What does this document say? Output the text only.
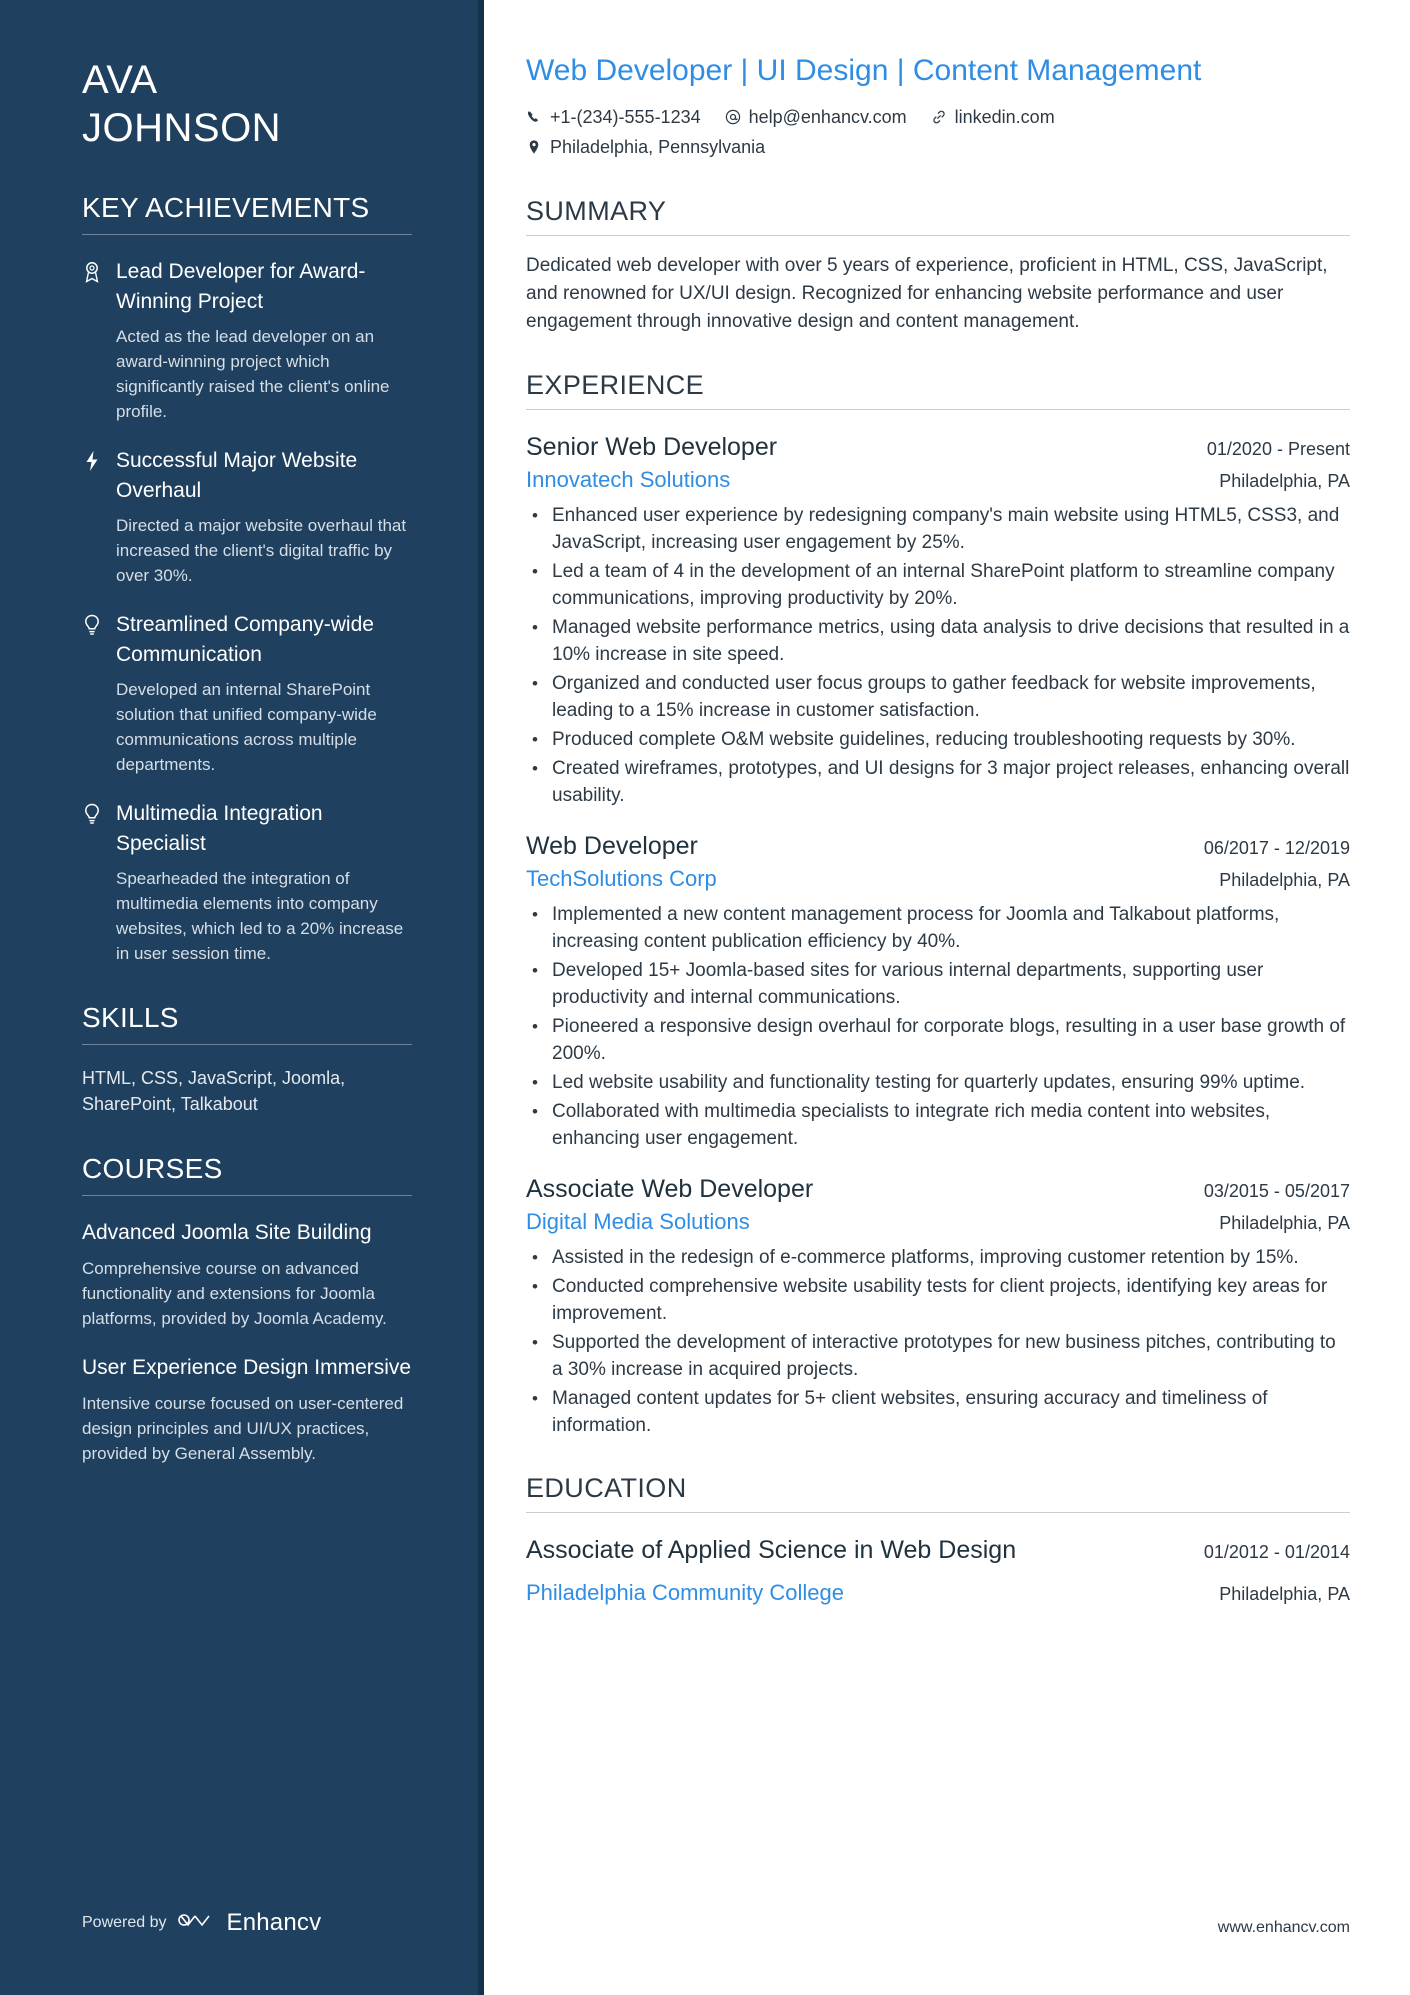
AVA
JOHNSON
KEY ACHIEVEMENTS
Lead Developer for Award-Winning Project
Acted as the lead developer on an award-winning project which significantly raised the client's online profile.
Successful Major Website Overhaul
Directed a major website overhaul that increased the client's digital traffic by over 30%.
Streamlined Company-wide Communication
Developed an internal SharePoint solution that unified company-wide communications across multiple departments.
Multimedia Integration Specialist
Spearheaded the integration of multimedia elements into company websites, which led to a 20% increase in user session time.
SKILLS
HTML, CSS, JavaScript, Joomla, SharePoint, Talkabout
COURSES
Advanced Joomla Site Building
Comprehensive course on advanced functionality and extensions for Joomla platforms, provided by Joomla Academy.
User Experience Design Immersive
Intensive course focused on user-centered design principles and UI/UX practices, provided by General Assembly.
Powered by	Enhancv
Web Developer | UI Design | Content Management
+1-(234)-555-1234	help@enhancv.com	linkedin.com
Philadelphia, Pennsylvania
SUMMARY

Dedicated web developer with over 5 years of experience, proficient in HTML, CSS, JavaScript, and renowned for UX/UI design. Recognized for enhancing website performance and user engagement through innovative design and content management.

EXPERIENCE
Senior Web Developer	01/2020 - Present
Innovatech Solutions	Philadelphia, PA
• Enhanced user experience by redesigning company's main website using HTML5, CSS3, and JavaScript, increasing user engagement by 25%.
• Led a team of 4 in the development of an internal SharePoint platform to streamline company communications, improving productivity by 20%.
• Managed website performance metrics, using data analysis to drive decisions that resulted in a 10% increase in site speed.
• Organized and conducted user focus groups to gather feedback for website improvements, leading to a 15% increase in customer satisfaction.
• Produced complete O&M website guidelines, reducing troubleshooting requests by 30%.
• Created wireframes, prototypes, and UI designs for 3 major project releases, enhancing overall usability.
Web Developer	06/2017 - 12/2019
TechSolutions Corp	Philadelphia, PA
• Implemented a new content management process for Joomla and Talkabout platforms, increasing content publication efficiency by 40%.
• Developed 15+ Joomla-based sites for various internal departments, supporting user productivity and internal communications.
• Pioneered a responsive design overhaul for corporate blogs, resulting in a user base growth of 200%.
• Led website usability and functionality testing for quarterly updates, ensuring 99% uptime.
• Collaborated with multimedia specialists to integrate rich media content into websites, enhancing user engagement.
Associate Web Developer	03/2015 - 05/2017
Digital Media Solutions	Philadelphia, PA
• Assisted in the redesign of e-commerce platforms, improving customer retention by 15%.
• Conducted comprehensive website usability tests for client projects, identifying key areas for improvement.
• Supported the development of interactive prototypes for new business pitches, contributing to a 30% increase in acquired projects.
• Managed content updates for 5+ client websites, ensuring accuracy and timeliness of information.
EDUCATION
Associate of Applied Science in Web Design	01/2012 - 01/2014
Philadelphia Community College	Philadelphia, PA
www.enhancv.com
